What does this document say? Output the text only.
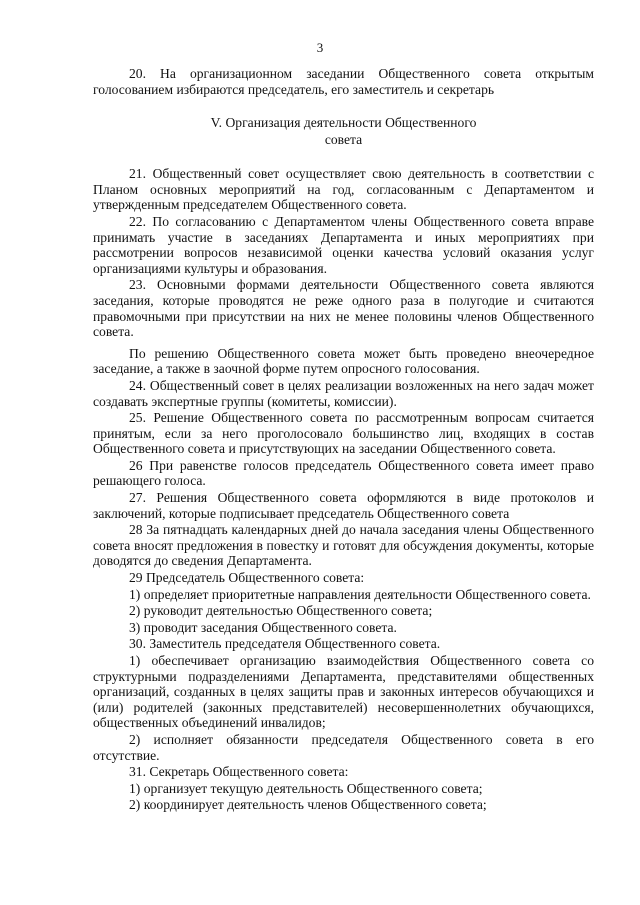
3

20. На организационном заседании Общественного совета открытым голосованием избираются председатель, его заместитель и секретарь

V. Организация деятельности Общественного
совета

21. Общественный совет осуществляет свою деятельность в соответствии с Планом основных мероприятий на год, согласованным с Департаментом и утвержденным председателем Общественного совета.

22. По согласованию с Департаментом члены Общественного совета вправе принимать участие в заседаниях Департамента и иных мероприятиях при рассмотрении вопросов независимой оценки качества условий оказания услуг организациями культуры и образования.

23. Основными формами деятельности Общественного совета являются заседания, которые проводятся не реже одного раза в полугодие и считаются правомочными при присутствии на них не менее половины членов Общественного совета.

По решению Общественного совета может быть проведено внеочередное заседание, а также в заочной форме путем опросного голосования.

24. Общественный совет в целях реализации возложенных на него задач может создавать экспертные группы (комитеты, комиссии).

25. Решение Общественного совета по рассмотренным вопросам считается принятым, если за него проголосовало большинство лиц, входящих в состав Общественного совета и присутствующих на заседании Общественного совета.

26 При равенстве голосов председатель Общественного совета имеет право решающего голоса.

27. Решения Общественного совета оформляются в виде протоколов и заключений, которые подписывает председатель Общественного совета

28 За пятнадцать календарных дней до начала заседания члены Общественного совета вносят предложения в повестку и готовят для обсуждения документы, которые доводятся до сведения Департамента.

29 Председатель Общественного совета:

1) определяет приоритетные направления деятельности Общественного совета.

2) руководит деятельностью Общественного совета;

3) проводит заседания Общественного совета.

30. Заместитель председателя Общественного совета.

1) обеспечивает организацию взаимодействия Общественного совета со структурными подразделениями Департамента, представителями общественных организаций, созданных в целях защиты прав и законных интересов обучающихся и (или) родителей (законных представителей) несовершеннолетних обучающихся, общественных объединений инвалидов;

2) исполняет обязанности председателя Общественного совета в его отсутствие.

31. Секретарь Общественного совета:

1) организует текущую деятельность Общественного совета;

2) координирует деятельность членов Общественного совета;
